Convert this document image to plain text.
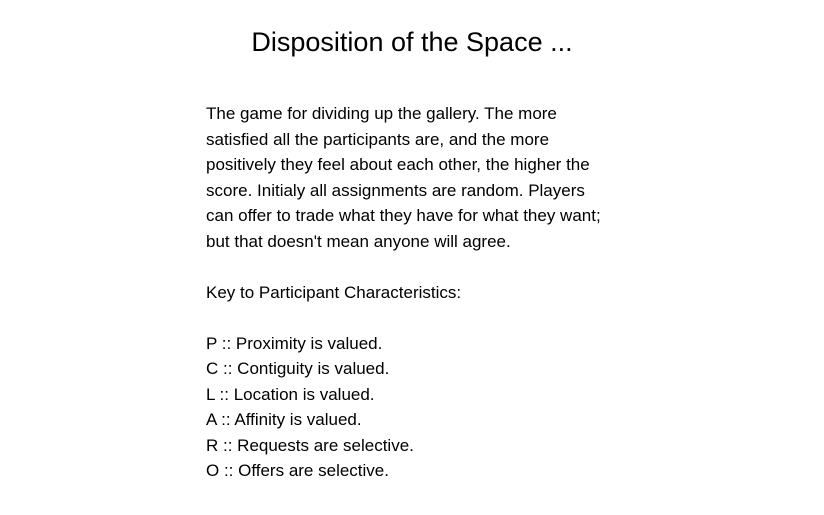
Disposition of the Space ...

The game for dividing up the gallery. The more satisfied all the participants are, and the more positively they feel about each other, the higher the score. Initialy all assignments are random. Players can offer to trade what they have for what they want; but that doesn't mean anyone will agree.

Key to Participant Characteristics:

P :: Proximity is valued.
C :: Contiguity is valued.
L :: Location is valued.
A :: Affinity is valued.
R :: Requests are selective.
O :: Offers are selective.
